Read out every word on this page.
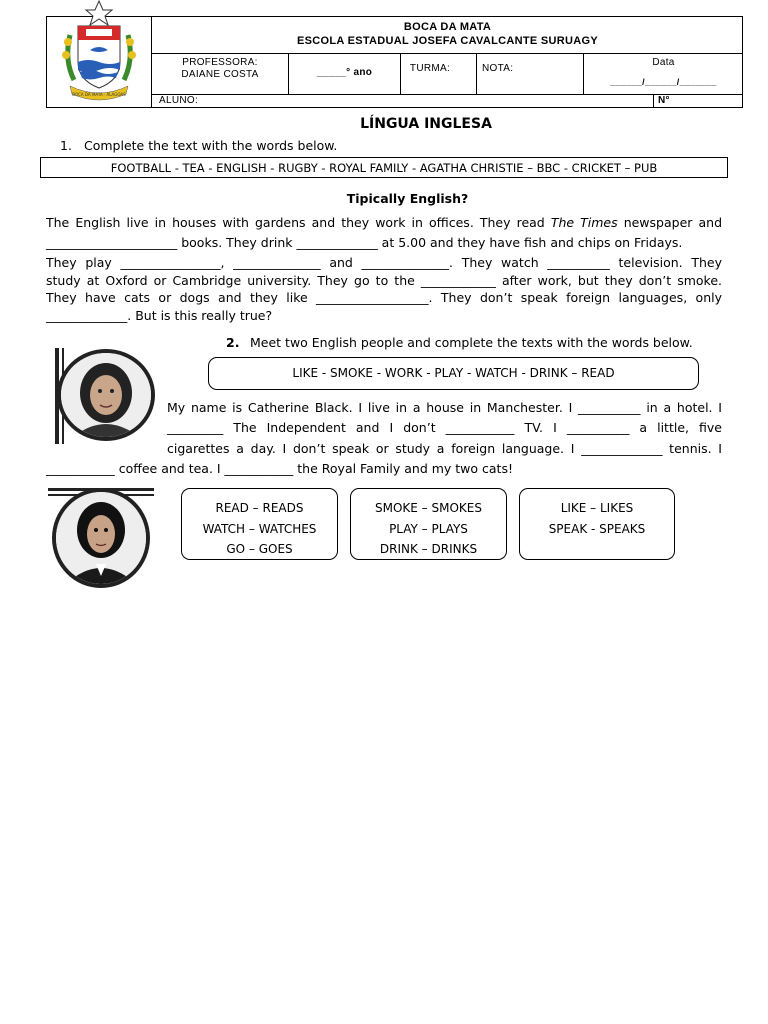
BOCA DA MATA · ALAGOAS
BOCA DA MATA
ESCOLA ESTADUAL JOSEFA CAVALCANTE SURUAGY
PROFESSORA:
DAIANE COSTA	_____° ano	TURMA:	NOTA:
Data
______/______/_______
ALUNO:	N°
LÍNGUA INGLESA
1. Complete the text with the words below.
FOOTBALL - TEA - ENGLISH - RUGBY - ROYAL FAMILY - AGATHA CHRISTIE – BBC - CRICKET – PUB
Tipically English?
The English live in houses with gardens and they work in offices. They read The Times newspaper and
_____________________ books. They drink _____________ at 5.00 and they have fish and chips on Fridays.
They play ________________, ______________ and ______________. They watch __________ television. They
study at Oxford or Cambridge university. They go to the ____________ after work, but they don’t smoke.
They have cats or dogs and they like __________________. They don’t speak foreign languages, only
_____________. But is this really true?
2. Meet two English people and complete the texts with the words below.
LIKE - SMOKE - WORK - PLAY - WATCH - DRINK – READ
My name is Catherine Black. I live in a house in Manchester. I __________ in a hotel. I
_________ The Independent and I don’t ___________ TV. I __________ a little, five
cigarettes a day. I don’t speak or study a foreign language. I _____________ tennis. I
___________ coffee and tea. I ___________ the Royal Family and my two cats!
READ – READS
WATCH – WATCHES
GO – GOES
SMOKE – SMOKES
PLAY – PLAYS
DRINK – DRINKS
LIKE – LIKES
SPEAK - SPEAKS
